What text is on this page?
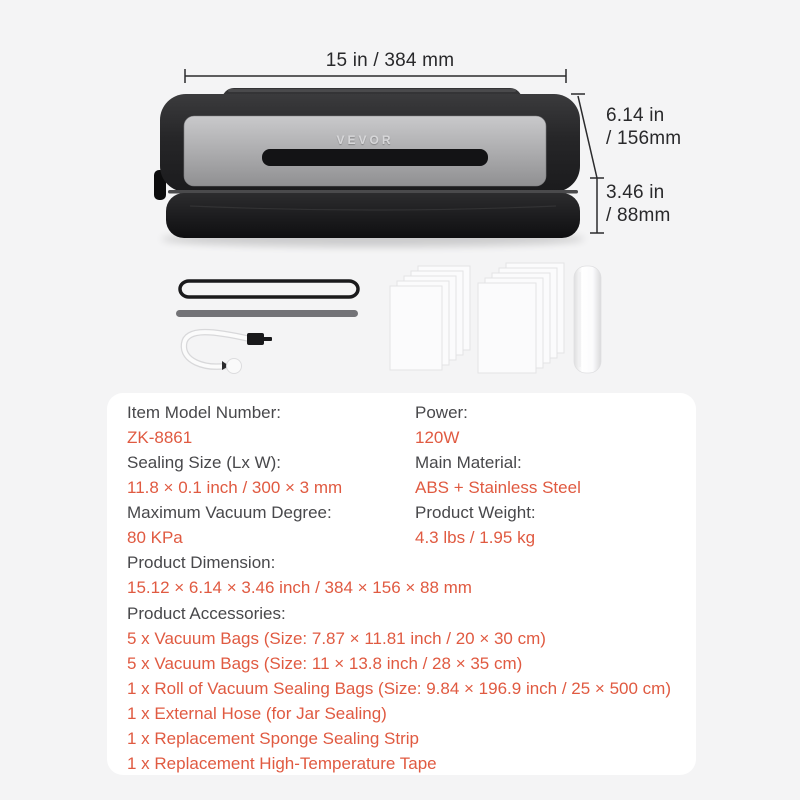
VEVOR
15 in / 384 mm
6.14 in
/ 156mm
3.46 in
/ 88mm
Item Model Number:
ZK-8861
Sealing Size (Lx W):
11.8 × 0.1 inch / 300 × 3 mm
Maximum Vacuum Degree:
80 KPa
Power:
120W
Main Material:
ABS + Stainless Steel
Product Weight:
4.3 lbs / 1.95 kg
Product Dimension:
15.12 × 6.14 × 3.46 inch / 384 × 156 × 88 mm
Product Accessories:
5 x Vacuum Bags (Size: 7.87 × 11.81 inch / 20 × 30 cm)
5 x Vacuum Bags (Size: 11 × 13.8 inch / 28 × 35 cm)
1 x Roll of Vacuum Sealing Bags (Size: 9.84 × 196.9 inch / 25 × 500 cm)
1 x External Hose (for Jar Sealing)
1 x Replacement Sponge Sealing Strip
1 x Replacement High-Temperature Tape
